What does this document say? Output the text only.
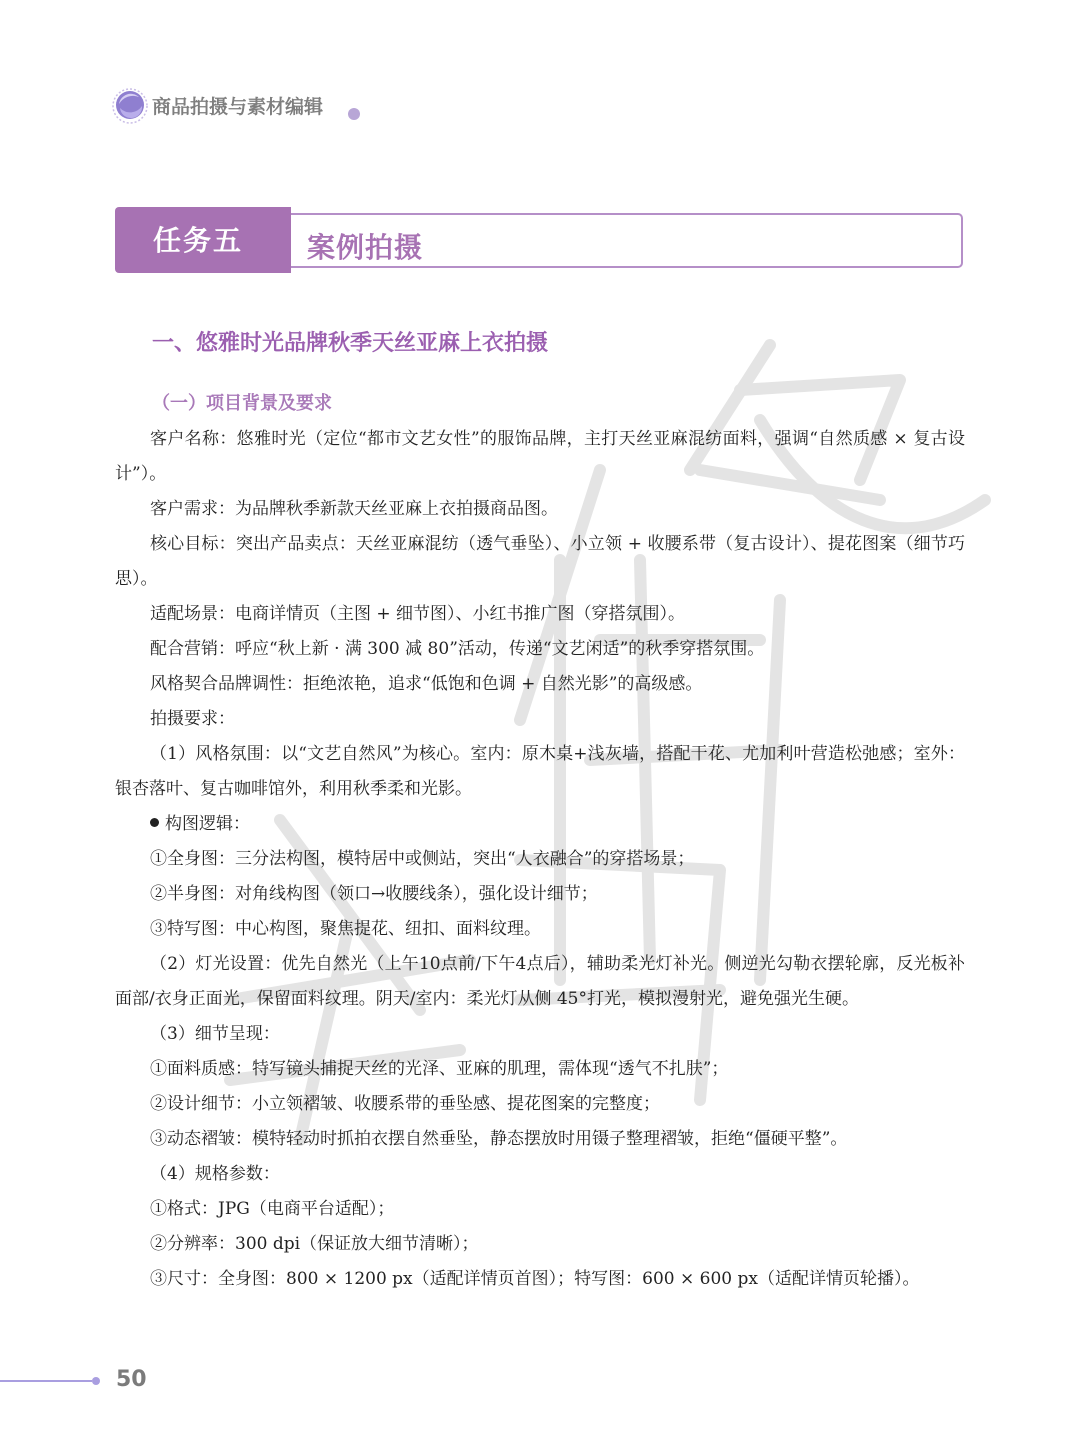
商品拍摄与素材编辑
任务五 案例拍摄
一、悠雅时光品牌秋季天丝亚麻上衣拍摄
（一）项目背景及要求

客户名称：悠雅时光（定位“都市文艺女性”的服饰品牌，主打天丝亚麻混纺面料，强调“自然质感 × 复古设计”）。

客户需求：为品牌秋季新款天丝亚麻上衣拍摄商品图。

核心目标：突出产品卖点：天丝亚麻混纺（透气垂坠）、小立领 + 收腰系带（复古设计）、提花图案（细节巧思）。

适配场景：电商详情页（主图 + 细节图）、小红书推广图（穿搭氛围）。

配合营销：呼应“秋上新 · 满 300 减 80”活动，传递“文艺闲适”的秋季穿搭氛围。

风格契合品牌调性：拒绝浓艳，追求“低饱和色调 + 自然光影”的高级感。

拍摄要求：

（1）风格氛围：以“文艺自然风”为核心。室内：原木桌+浅灰墙，搭配干花、尤加利叶营造松弛感；室外：银杏落叶、复古咖啡馆外，利用秋季柔和光影。

构图逻辑：

①全身图：三分法构图，模特居中或侧站，突出“人衣融合”的穿搭场景；

②半身图：对角线构图（领口→收腰线条），强化设计细节；

③特写图：中心构图，聚焦提花、纽扣、面料纹理。

（2）灯光设置：优先自然光（上午10点前/下午4点后），辅助柔光灯补光。侧逆光勾勒衣摆轮廓，反光板补面部/衣身正面光，保留面料纹理。阴天/室内：柔光灯从侧 45°打光，模拟漫射光，避免强光生硬。

（3）细节呈现：

①面料质感：特写镜头捕捉天丝的光泽、亚麻的肌理，需体现“透气不扎肤”；

②设计细节：小立领褶皱、收腰系带的垂坠感、提花图案的完整度；

③动态褶皱：模特轻动时抓拍衣摆自然垂坠，静态摆放时用镊子整理褶皱，拒绝“僵硬平整”。

（4）规格参数：

①格式：JPG（电商平台适配）；

②分辨率：300 dpi（保证放大细节清晰）；

③尺寸：全身图：800 × 1200 px（适配详情页首图）；特写图：600 × 600 px（适配详情页轮播）。

50
